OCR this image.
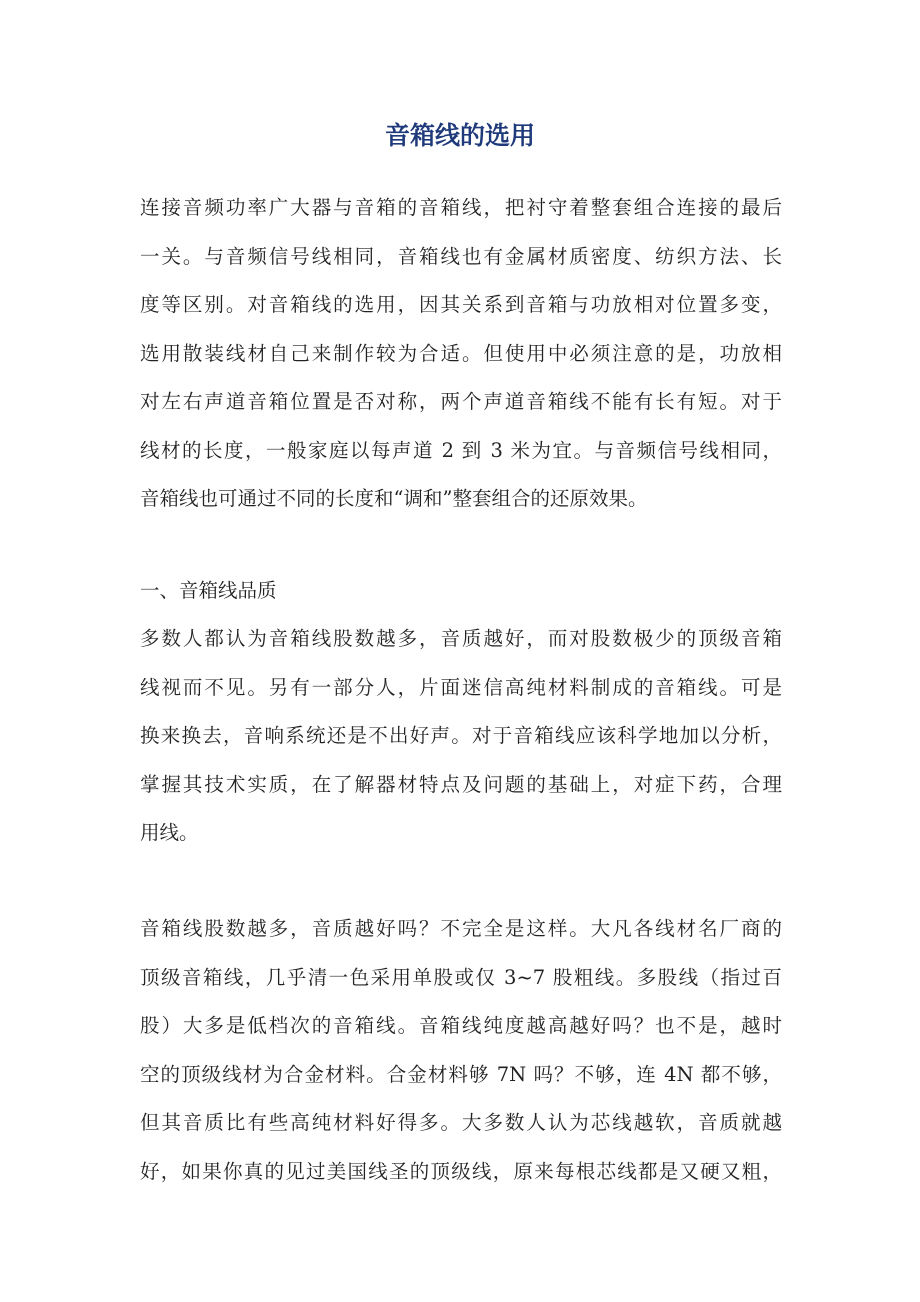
音箱线的选用
连接音频功率广大器与音箱的音箱线，把衬守着整套组合连接的最后
一关。与音频信号线相同，音箱线也有金属材质密度、纺织方法、长
度等区别。对音箱线的选用，因其关系到音箱与功放相对位置多变，
选用散装线材自己来制作较为合适。但使用中必须注意的是，功放相
对左右声道音箱位置是否对称，两个声道音箱线不能有长有短。对于
线材的长度，一般家庭以每声道 2 到 3 米为宜。与音频信号线相同，
音箱线也可通过不同的长度和“调和”整套组合的还原效果。
一、音箱线品质
多数人都认为音箱线股数越多，音质越好，而对股数极少的顶级音箱
线视而不见。另有一部分人，片面迷信高纯材料制成的音箱线。可是
换来换去，音响系统还是不出好声。对于音箱线应该科学地加以分析，
掌握其技术实质，在了解器材特点及问题的基础上，对症下药，合理
用线。
音箱线股数越多，音质越好吗？不完全是这样。大凡各线材名厂商的
顶级音箱线，几乎清一色采用单股或仅 3~7 股粗线。多股线（指过百
股）大多是低档次的音箱线。音箱线纯度越高越好吗？也不是，越时
空的顶级线材为合金材料。合金材料够 7N 吗？不够，连 4N 都不够，
但其音质比有些高纯材料好得多。大多数人认为芯线越软，音质就越
好，如果你真的见过美国线圣的顶级线，原来每根芯线都是又硬又粗，
